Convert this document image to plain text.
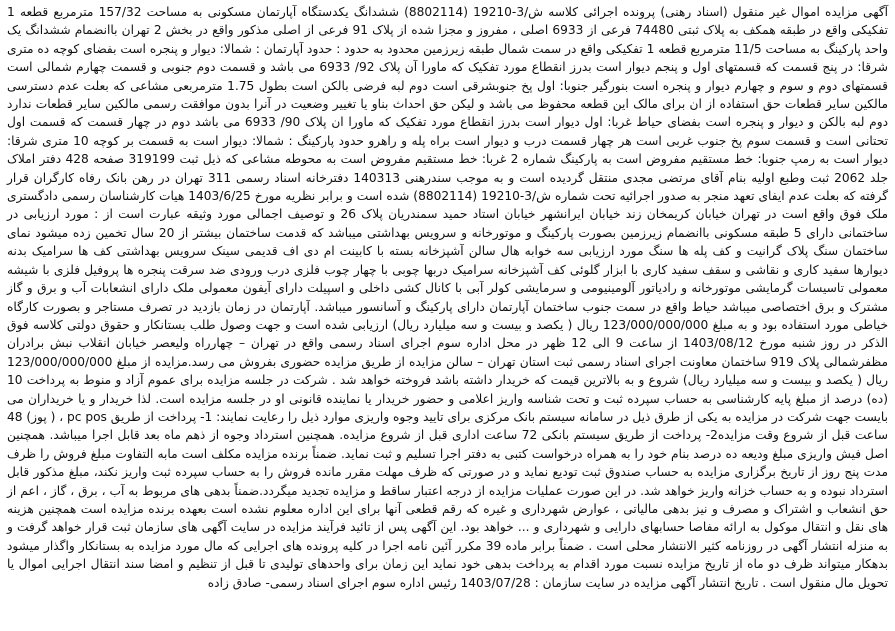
آگهی مزایده اموال غیر منقول (اسناد رهنی) پرونده اجرائی کلاسه ش/3-19210 (8802114) ششدانگ یکدستگاه آپارتمان مسکونی به مساحت 157/32 مترمربع قطعه 1 تفکیکی واقع در طبقه همکف به پلاک ثبتی 74480 فرعی از 6933 اصلی ، مفروز و مجزا شده از پلاک 91 فرعی از اصلی مذکور واقع در بخش 2 تهران باانضمام ششدانگ یک واحد پارکینگ به مساحت 11/5 مترمربع قطعه 1 تفکیکی واقع در سمت شمال طبقه زیرزمین محدود به حدود : حدود آپارتمان : شمالا: دیوار و پنجره است بفضای کوچه ده متری شرقا: در پنج قسمت که قسمتهای اول و پنجم دیوار است بدرز انقطاع مورد تفکیک که ماورا آن پلاک 92/ 6933 می باشد و قسمت دوم جنوبی و قسمت چهارم شمالی است قسمتهای دوم و سوم و چهارم دیوار و پنجره است بنورگیر جنوبا: اول پخ جنوبشرقی است دوم لبه فرضی بالکن است بطول 1.75 مترمربعی مشاعی که بعلت عدم دسترسی مالکین سایر قطعات حق استفاده از ان برای مالک این قطعه محفوظ می باشد و لیکن حق احداث بناو یا تغییر وضعیت در آنرا بدون موافقت رسمی مالکین سایر قطعات ندارد دوم لبه بالکن و دیوار و پنجره است بفضای حیاط غربا: اول دیوار است بدرز انقطاع مورد تفکیک که ماورا ان پلاک 90/ 6933 می باشد دوم در چهار قسمت که قسمت اول تحتانی است و قسمت سوم پخ جنوب غربی است هر چهار قسمت درب و دیوار است براه پله و راهرو حدود پارکینگ : شمالا: دیوار است به قسمت بر کوچه 10 متری شرقا: دیوار است به رمپ جنوبا: خط مستقیم مفروض است به پارکینگ شماره 2 غربا: خط مستقیم مفروض است به محوطه مشاعی که ذیل ثبت 319199 صفحه 428 دفتر املاک جلد 2062 ثبت وطبع اولیه بنام آقای مرتضی مجدی منتقل گردیده است و به موجب سندرهنی 140313 دفترخانه اسناد رسمی 311 تهران در رهن بانک رفاه کارگران قرار گرفته که بعلت عدم ایفای تعهد منجر به صدور اجرائیه تحت شماره ش/3-19210 (8802114) شده است و برابر نظریه مورخ 1403/6/25 هیات کارشناسان رسمی دادگستری ملک فوق واقع است در تهران خیابان کریمخان زند خیابان ایرانشهر خیابان استاد حمید سمندریان پلاک 26 و توصیف اجمالی مورد وثیقه عبارت است از : مورد ارزیابی در ساختمانی دارای 5 طبقه مسکونی باانضمام زیرزمین بصورت پارکینگ و موتورخانه و سرویس بهداشتی میباشد که قدمت ساختمان بیشتر از 20 سال تخمین زده میشود نمای ساختمان سنگ پلاک گرانیت و کف پله ها سنگ مورد ارزیابی سه خوابه هال سالن آشپزخانه بسته با کابینت ام دی اف قدیمی سینک سرویس بهداشتی کف ها سرامیک بدنه دیوارها سفید کاری و نقاشی و سقف سفید کاری با ابزار گلوئی کف آشپزخانه سرامیک دربها چوبی با چهار چوب فلزی درب ورودی ضد سرقت پنجره ها پروفیل فلزی با شیشه معمولی تاسیسات گرمایشی موتورخانه و رادیاتور آلومینیومی و سرمایشی کولر آبی با کانال کشی داخلی و اسپیلت دارای آیفون معمولی ملک دارای انشعابات آب و برق و گاز مشترک و برق اختصاصی میباشد حیاط واقع در سمت جنوب ساختمان آپارتمان دارای پارکینگ و آسانسور میباشد. آپارتمان در زمان بازدید در تصرف مستاجر و بصورت کارگاه خیاطی مورد استفاده بود و به مبلغ 123/000/000/000 ریال ( یکصد و بیست و سه میلیارد ریال) ارزیابی شده است و جهت وصول طلب بستانکار و حقوق دولتی کلاسه فوق الذکر در روز شنبه مورخ 1403/08/12 از ساعت 9 الی 12 ظهر در محل اداره سوم اجرای اسناد رسمی واقع در تهران – چهارراه ولیعصر خیابان انقلاب نبش برادران مظفرشمالی پلاک 919 ساختمان معاونت اجرای اسناد رسمی ثبت استان تهران – سالن مزایده از طریق مزایده حضوری بفروش می رسد.مزایده از مبلغ 123/000/000/000 ریال ( یکصد و بیست و سه میلیارد ریال) شروع و به بالاترین قیمت که خریدار داشته باشد فروخته خواهد شد . شرکت در جلسه مزایده برای عموم آزاد و منوط به پرداخت 10 (ده) درصد از مبلغ پایه کارشناسی به حساب سپرده ثبت و تحت شناسه واریز اعلامی و حضور خریدار یا نماینده قانونی او در جلسه مزایده است. لذا خریدار و یا خریداران می بایست جهت شرکت در مزایده به یکی از طرق ذیل در سامانه سیستم بانک مرکزی برای تایید وجوه واریزی موارد ذیل را رعایت نمایند: 1- پرداخت از طریق pc pos ، ( پوز) 48 ساعت قبل از شروع وقت مزایده2- پرداخت از طریق سیستم بانکی 72 ساعت اداری قبل از شروع مزایده. همچنین استرداد وجوه از ذهم ماه بعد قابل اجرا میباشد. همچنین اصل فیش واریزی مبلغ ودیعه ده درصد بنام خود را به همراه درخواست کتبی به دفتر اجرا تسلیم و ثبت نماید. ضمناً برنده مزایده مکلف است مابه التفاوت مبلغ فروش را ظرف مدت پنج روز از تاریخ برگزاری مزایده به حساب صندوق ثبت تودیع نماید و در صورتی که ظرف مهلت مقرر مانده فروش را به حساب سپرده ثبت واریز نکند، مبلغ مذکور قابل استرداد نبوده و به حساب خزانه واریز خواهد شد. در این صورت عملیات مزایده از درجه اعتبار ساقط و مزایده تجدید میگردد.ضمناً بدهی های مربوط به آب ، برق ، گاز ، اعم از حق انشعاب و اشتراک و مصرف و نیز بدهی مالیاتی ، عوارض شهرداری و غیره که رقم قطعی آنها برای این اداره معلوم نشده است بعهده برنده مزایده است همچنین هزینه های نقل و انتقال موکول به ارائه مفاصا حسابهای دارایی و شهرداری و ... خواهد بود. این آگهی پس از تائید فرآیند مزایده در سایت آگهی های سازمان ثبت قرار خواهد گرفت و به منزله انتشار آگهی در روزنامه کثیر الانتشار محلی است . ضمناً برابر ماده 39 مکرر آئین نامه اجرا در کلیه پرونده های اجرایی که مال مورد مزایده به بستانکار واگذار میشود بدهکار میتواند ظرف دو ماه از تاریخ مزایده نسبت مورد اقدام به پرداخت بدهی خود نماید این زمان برای واحدهای تولیدی تا قبل از تنظیم و امضا سند انتقال اجرایی اموال یا تحویل مال منقول است . تاریخ انتشار آگهی مزایده در سایت سازمان : 1403/07/28 رئیس اداره سوم اجرای اسناد رسمی- صادق زاده
